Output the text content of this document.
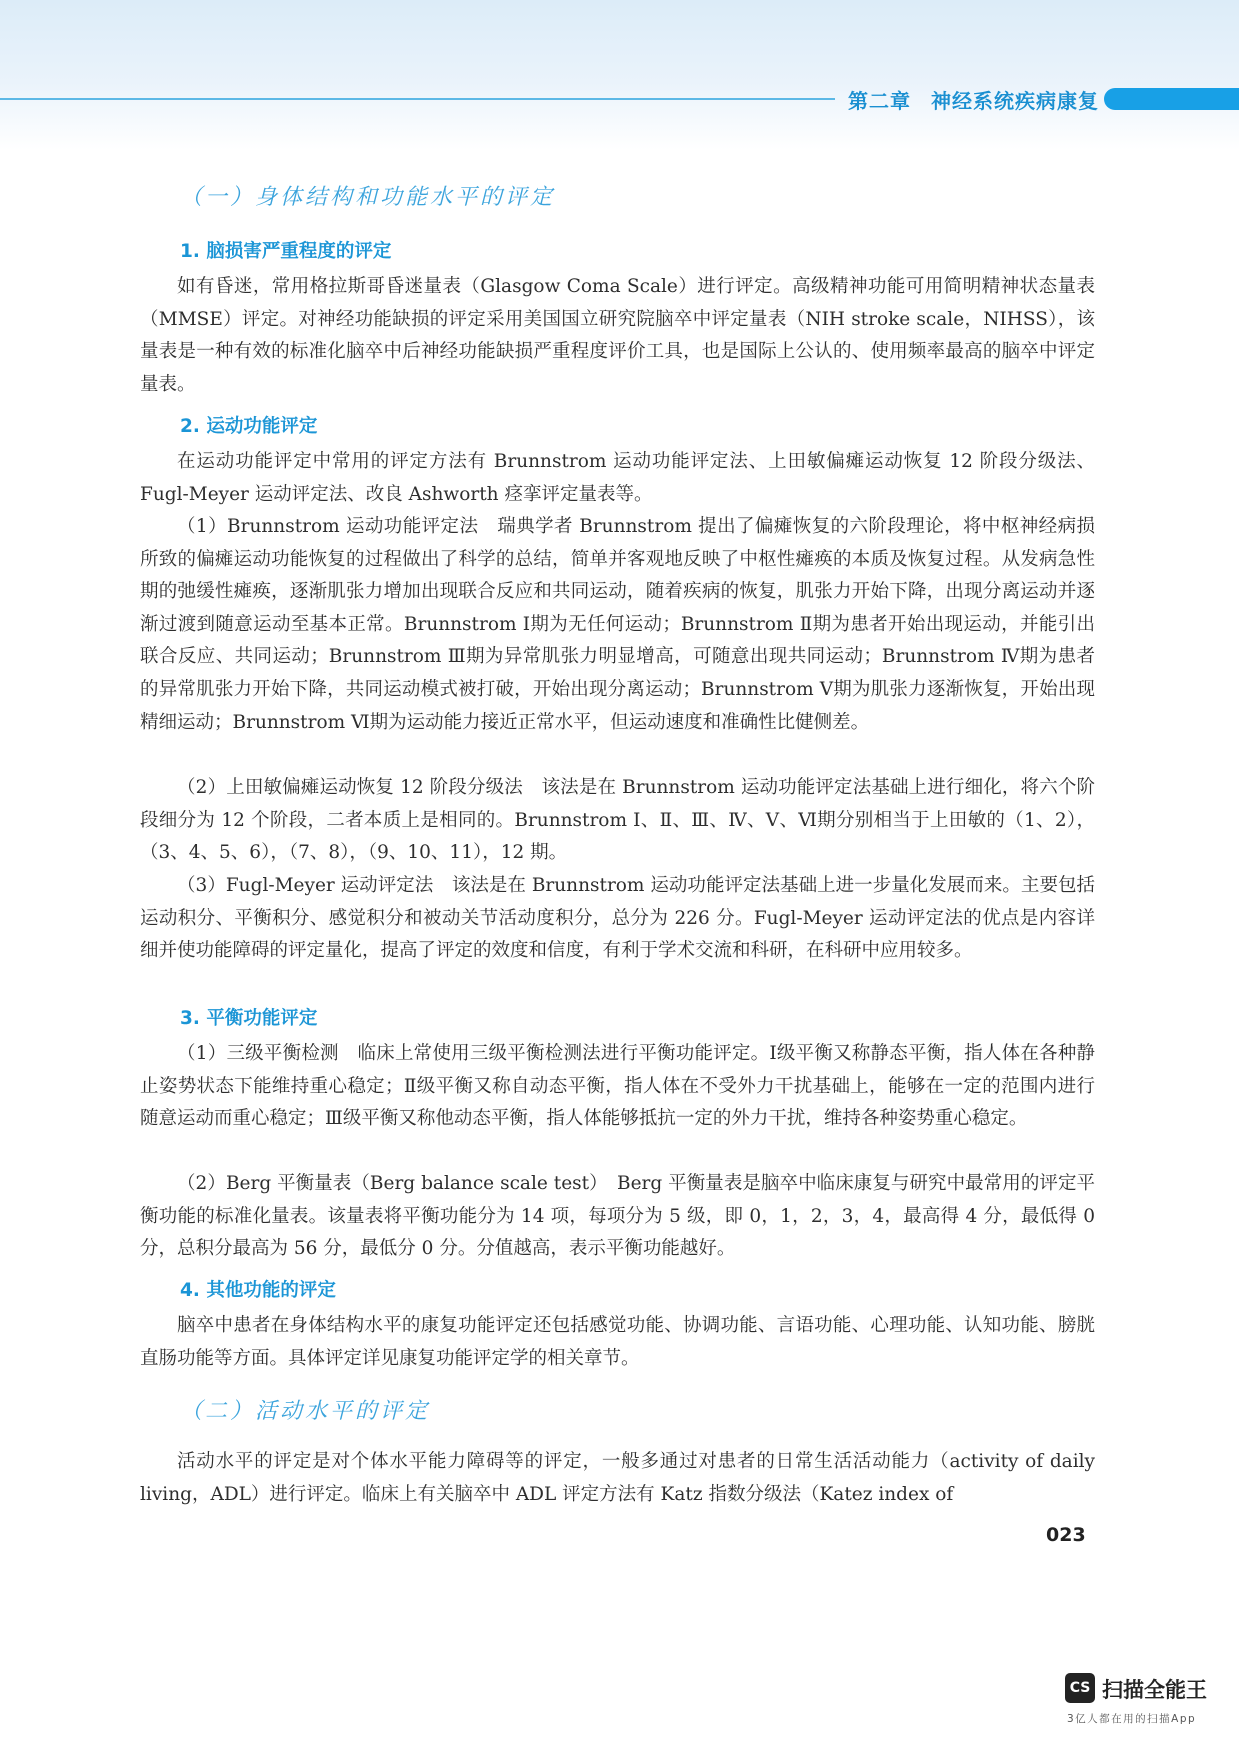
第二章 神经系统疾病康复
（一）身体结构和功能水平的评定
1. 脑损害严重程度的评定

如有昏迷，常用格拉斯哥昏迷量表（Glasgow Coma Scale）进行评定。高级精神功能可用简明精神状态量表（MMSE）评定。对神经功能缺损的评定采用美国国立研究院脑卒中评定量表（NIH stroke scale，NIHSS），该量表是一种有效的标准化脑卒中后神经功能缺损严重程度评价工具，也是国际上公认的、使用频率最高的脑卒中评定量表。

2. 运动功能评定

在运动功能评定中常用的评定方法有 Brunnstrom 运动功能评定法、上田敏偏瘫运动恢复 12 阶段分级法、Fugl-Meyer 运动评定法、改良 Ashworth 痉挛评定量表等。

（1）Brunnstrom 运动功能评定法　瑞典学者 Brunnstrom 提出了偏瘫恢复的六阶段理论，将中枢神经病损所致的偏瘫运动功能恢复的过程做出了科学的总结，简单并客观地反映了中枢性瘫痪的本质及恢复过程。从发病急性期的弛缓性瘫痪，逐渐肌张力增加出现联合反应和共同运动，随着疾病的恢复，肌张力开始下降，出现分离运动并逐渐过渡到随意运动至基本正常。Brunnstrom Ⅰ期为无任何运动；Brunnstrom Ⅱ期为患者开始出现运动，并能引出联合反应、共同运动；Brunnstrom Ⅲ期为异常肌张力明显增高，可随意出现共同运动；Brunnstrom Ⅳ期为患者的异常肌张力开始下降，共同运动模式被打破，开始出现分离运动；Brunnstrom Ⅴ期为肌张力逐渐恢复，开始出现精细运动；Brunnstrom Ⅵ期为运动能力接近正常水平，但运动速度和准确性比健侧差。

（2）上田敏偏瘫运动恢复 12 阶段分级法　该法是在 Brunnstrom 运动功能评定法基础上进行细化，将六个阶段细分为 12 个阶段，二者本质上是相同的。Brunnstrom Ⅰ、Ⅱ、Ⅲ、Ⅳ、Ⅴ、Ⅵ期分别相当于上田敏的（1、2），（3、4、5、6），（7、8），（9、10、11），12 期。

（3）Fugl-Meyer 运动评定法　该法是在 Brunnstrom 运动功能评定法基础上进一步量化发展而来。主要包括运动积分、平衡积分、感觉积分和被动关节活动度积分，总分为 226 分。Fugl-Meyer 运动评定法的优点是内容详细并使功能障碍的评定量化，提高了评定的效度和信度，有利于学术交流和科研，在科研中应用较多。

3. 平衡功能评定

（1）三级平衡检测　临床上常使用三级平衡检测法进行平衡功能评定。Ⅰ级平衡又称静态平衡，指人体在各种静止姿势状态下能维持重心稳定；Ⅱ级平衡又称自动态平衡，指人体在不受外力干扰基础上，能够在一定的范围内进行随意运动而重心稳定；Ⅲ级平衡又称他动态平衡，指人体能够抵抗一定的外力干扰，维持各种姿势重心稳定。

（2）Berg 平衡量表（Berg balance scale test）　Berg 平衡量表是脑卒中临床康复与研究中最常用的评定平衡功能的标准化量表。该量表将平衡功能分为 14 项，每项分为 5 级，即 0，1，2，3，4，最高得 4 分，最低得 0 分，总积分最高为 56 分，最低分 0 分。分值越高，表示平衡功能越好。

4. 其他功能的评定

脑卒中患者在身体结构水平的康复功能评定还包括感觉功能、协调功能、言语功能、心理功能、认知功能、膀胱直肠功能等方面。具体评定详见康复功能评定学的相关章节。

（二）活动水平的评定

活动水平的评定是对个体水平能力障碍等的评定，一般多通过对患者的日常生活活动能力（activity of daily living，ADL）进行评定。临床上有关脑卒中 ADL 评定方法有 Katz 指数分级法（Katez index of

023
CS 扫描全能王
3亿人都在用的扫描App
